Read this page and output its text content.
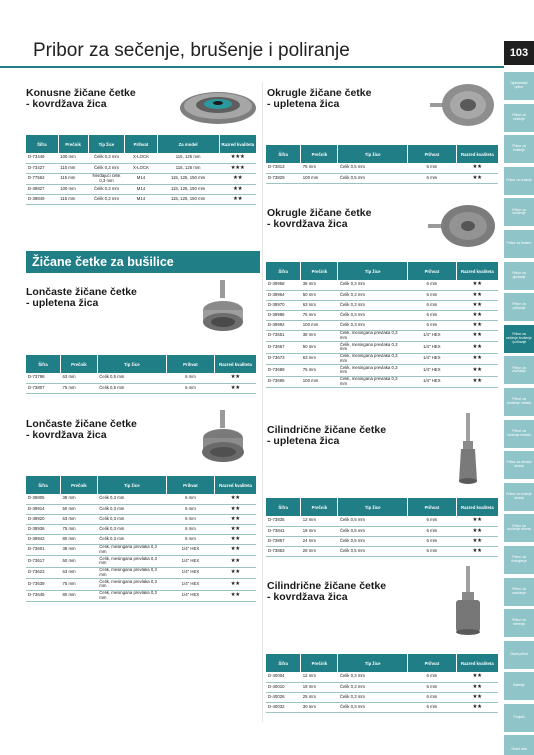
Pribor za sečenje, brušenje i poliranje	103
Dijamantski pribor
Pribor za sečenje
Pribor za bušenje
Pribor za rezanje
Pribor za brušenje
Pribor za testere
Pribor za glodanje
Pribor za poliranje
Pribor za sečenje brušenje i poliranje
Pribor za zavrtanje
Pribor za brušenje metala
Pribor za bušenje metala
Pribor za obradu drveta
Pribor za rezanje drveta
Pribor za brušenje drveta
Pribor za šmirglanje
Pribor za zavrtanje
Pribor za merenje
Ostali pribor
Baterije
Punjači
Ručni alat
Konusne žičane četke
- kovrdžava žica
Šifra	Prečnik	Tip žice	Prihvat	Za model	Razred kvaliteta
D-73449	100 mm	Čelik 0,3 mm	X-LOCK	115, 125 mm	★★★
D-73427	115 mm	Čelik 0,3 mm	X-LOCK	115, 125 mm	★★★
D-77562	115 mm	Nerđajući čelik 0,3 mm	M14	115, 125, 150 mm	★★
D-39827	100 mm	Čelik 0,3 mm	M14	115, 125, 150 mm	★★
D-39849	115 mm	Čelik 0,3 mm	M14	115, 125, 150 mm	★★
Žičane četke za bušilice
Lončaste žičane četke
- upletena žica
Šifra	Prečnik	Tip žice	Prihvat	Razred kvaliteta
D-73798	63 mm	Čelik 0,5 mm	6 mm	★★
D-73807	75 mm	Čelik 0,5 mm	6 mm	★★
Lončaste žičane četke
- kovrdžava žica
Šifra	Prečnik	Tip žice	Prihvat	Razred kvaliteta
D-39805	38 mm	Čelik 0,3 mm	6 mm	★★
D-39914	50 mm	Čelik 0,3 mm	6 mm	★★
D-39920	63 mm	Čelik 0,3 mm	6 mm	★★
D-39936	75 mm	Čelik 0,3 mm	6 mm	★★
D-39942	80 mm	Čelik 0,3 mm	6 mm	★★
D-73601	38 mm	Čelik, mesingana prevlaka 0,3 mm	1/4" HEX	★★
D-73617	50 mm	Čelik, mesingana prevlaka 0,3 mm	1/4" HEX	★★
D-73623	63 mm	Čelik, mesingana prevlaka 0,3 mm	1/4" HEX	★★
D-73639	75 mm	Čelik, mesingana prevlaka 0,3 mm	1/4" HEX	★★
D-73645	80 mm	Čelik, mesingana prevlaka 0,3 mm	1/4" HEX	★★
Okrugle žičane četke
- upletena žica
Šifra	Prečnik	Tip žice	Prihvat	Razred kvaliteta
D-73813	75 mm	Čelik 0,5 mm	6 mm	★★
D-73829	100 mm	Čelik 0,5 mm	6 mm	★★
Okrugle žičane četke
- kovrdžava žica
Šifra	Prečnik	Tip žice	Prihvat	Razred kvaliteta
D-39958	38 mm	Čelik 0,3 mm	6 mm	★★
D-39964	50 mm	Čelik 0,3 mm	6 mm	★★
D-39970	63 mm	Čelik 0,3 mm	6 mm	★★
D-39986	75 mm	Čelik 0,3 mm	6 mm	★★
D-39992	100 mm	Čelik 0,3 mm	6 mm	★★
D-73651	38 mm	Čelik, mesingana prevlaka 0,3 mm	1/4" HEX	★★
D-73667	50 mm	Čelik, mesingana prevlaka 0,3 mm	1/4" HEX	★★
D-73673	63 mm	Čelik, mesingana prevlaka 0,3 mm	1/4" HEX	★★
D-73689	75 mm	Čelik, mesingana prevlaka 0,3 mm	1/4" HEX	★★
D-73695	100 mm	Čelik, mesingana prevlaka 0,3 mm	1/4" HEX	★★
Cilindrične žičane četke
- upletena žica
Šifra	Prečnik	Tip žice	Prihvat	Razred kvaliteta
D-73835	12 mm	Čelik 0,5 mm	6 mm	★★
D-73841	19 mm	Čelik 0,5 mm	6 mm	★★
D-73857	24 mm	Čelik 0,5 mm	6 mm	★★
D-73863	28 mm	Čelik 0,5 mm	6 mm	★★
Cilindrične žičane četke
- kovrdžava žica
Šifra	Prečnik	Tip žice	Prihvat	Razred kvaliteta
D-40004	12 mm	Čelik 0,3 mm	6 mm	★★
D-40010	19 mm	Čelik 0,3 mm	6 mm	★★
D-40026	25 mm	Čelik 0,3 mm	6 mm	★★
D-40032	30 mm	Čelik 0,3 mm	6 mm	★★
